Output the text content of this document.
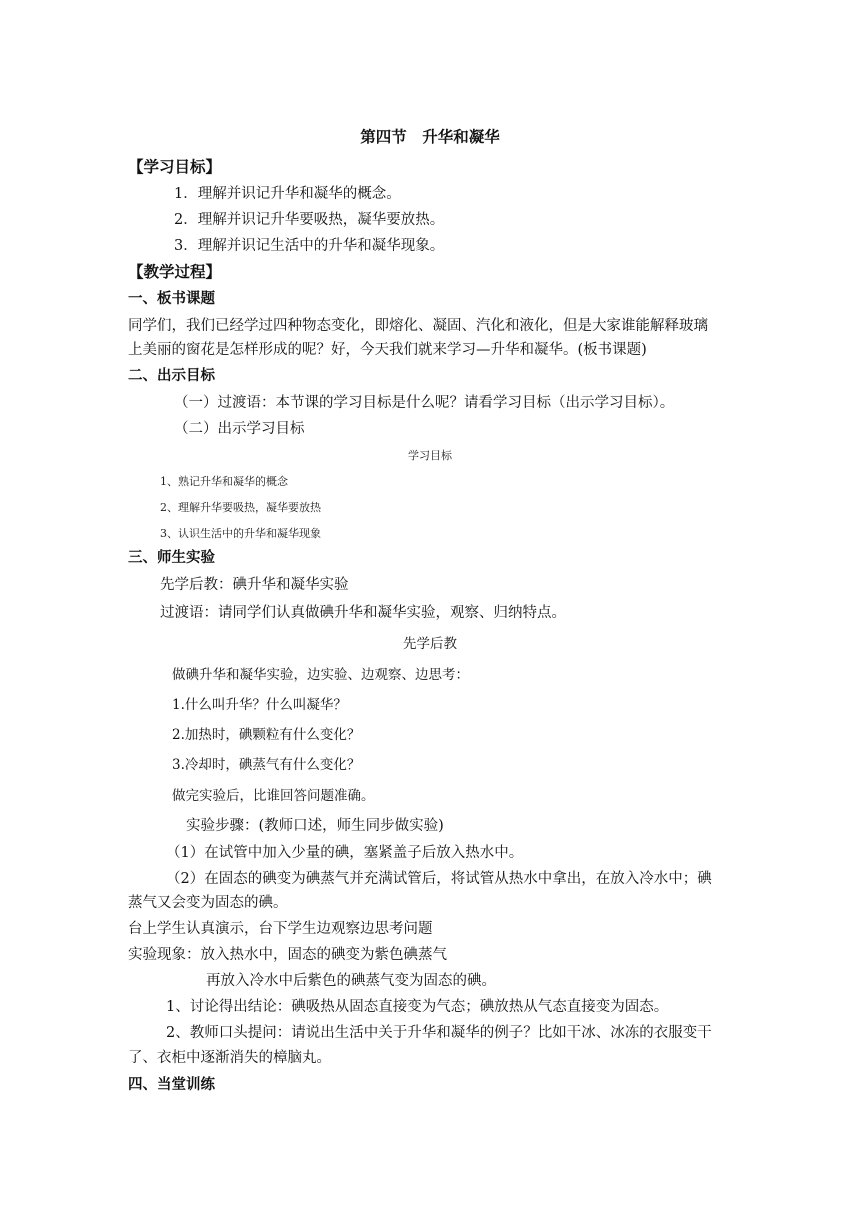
第四节　升华和凝华
【学习目标】
1．理解并识记升华和凝华的概念。
2．理解并识记升华要吸热，凝华要放热。
3．理解并识记生活中的升华和凝华现象。
【教学过程】
一、板书课题
同学们，我们已经学过四种物态变化，即熔化、凝固、汽化和液化，但是大家谁能解释玻璃
上美丽的窗花是怎样形成的呢？好，今天我们就来学习—升华和凝华。(板书课题)
二、出示目标
（一）过渡语：本节课的学习目标是什么呢？请看学习目标（出示学习目标）。
（二）出示学习目标
学习目标
1、熟记升华和凝华的概念
2、理解升华要吸热，凝华要放热
3、认识生活中的升华和凝华现象
三、师生实验
先学后教：碘升华和凝华实验
过渡语：请同学们认真做碘升华和凝华实验，观察、归纳特点。
先学后教
做碘升华和凝华实验，边实验、边观察、边思考：
1.什么叫升华？什么叫凝华？
2.加热时，碘颗粒有什么变化？
3.冷却时，碘蒸气有什么变化？
做完实验后，比谁回答问题准确。
实验步骤：(教师口述，师生同步做实验)
（1）在试管中加入少量的碘，塞紧盖子后放入热水中。
（2）在固态的碘变为碘蒸气并充满试管后，将试管从热水中拿出，在放入冷水中；碘
蒸气又会变为固态的碘。
台上学生认真演示，台下学生边观察边思考问题
实验现象：放入热水中，固态的碘变为紫色碘蒸气
再放入冷水中后紫色的碘蒸气变为固态的碘。
1、讨论得出结论：碘吸热从固态直接变为气态；碘放热从气态直接变为固态。
2、教师口头提问：请说出生活中关于升华和凝华的例子？比如干冰、冰冻的衣服变干
了、衣柜中逐渐消失的樟脑丸。
四、当堂训练
